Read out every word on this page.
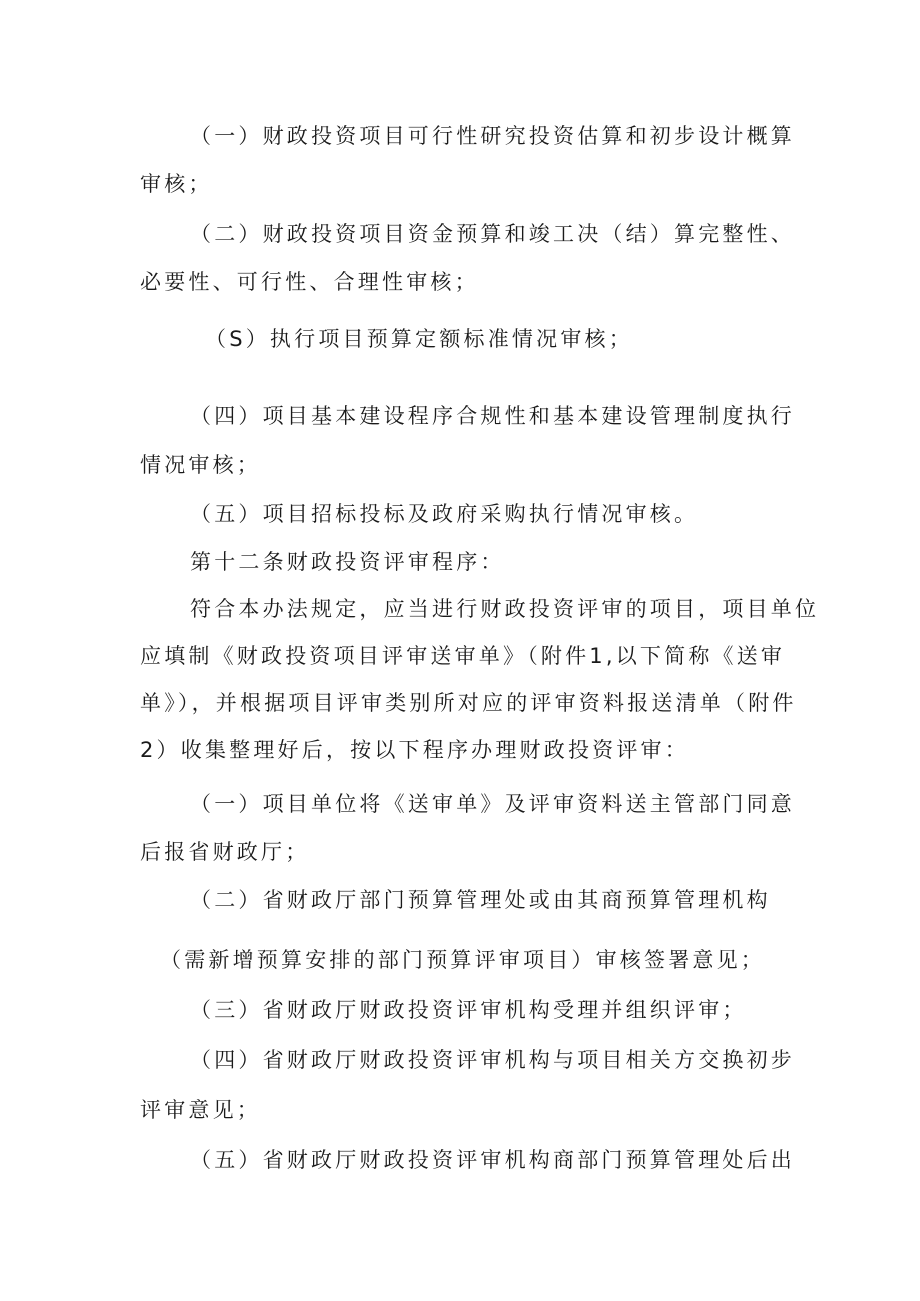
（一）财政投资项目可行性研究投资估算和初步设计概算
审核；
（二）财政投资项目资金预算和竣工决（结）算完整性、
必要性、可行性、合理性审核；
（S）执行项目预算定额标准情况审核；
（四）项目基本建设程序合规性和基本建设管理制度执行
情况审核；
（五）项目招标投标及政府采购执行情况审核。
第十二条财政投资评审程序：
符合本办法规定，应当进行财政投资评审的项目，项目单位
应填制《财政投资项目评审送审单》（附件1,以下简称《送审
单》），并根据项目评审类别所对应的评审资料报送清单（附件
2）收集整理好后，按以下程序办理财政投资评审：
（一）项目单位将《送审单》及评审资料送主管部门同意
后报省财政厅；
（二）省财政厅部门预算管理处或由其商预算管理机构
（需新增预算安排的部门预算评审项目）审核签署意见；
（三）省财政厅财政投资评审机构受理并组织评审；
（四）省财政厅财政投资评审机构与项目相关方交换初步
评审意见；
（五）省财政厅财政投资评审机构商部门预算管理处后出
